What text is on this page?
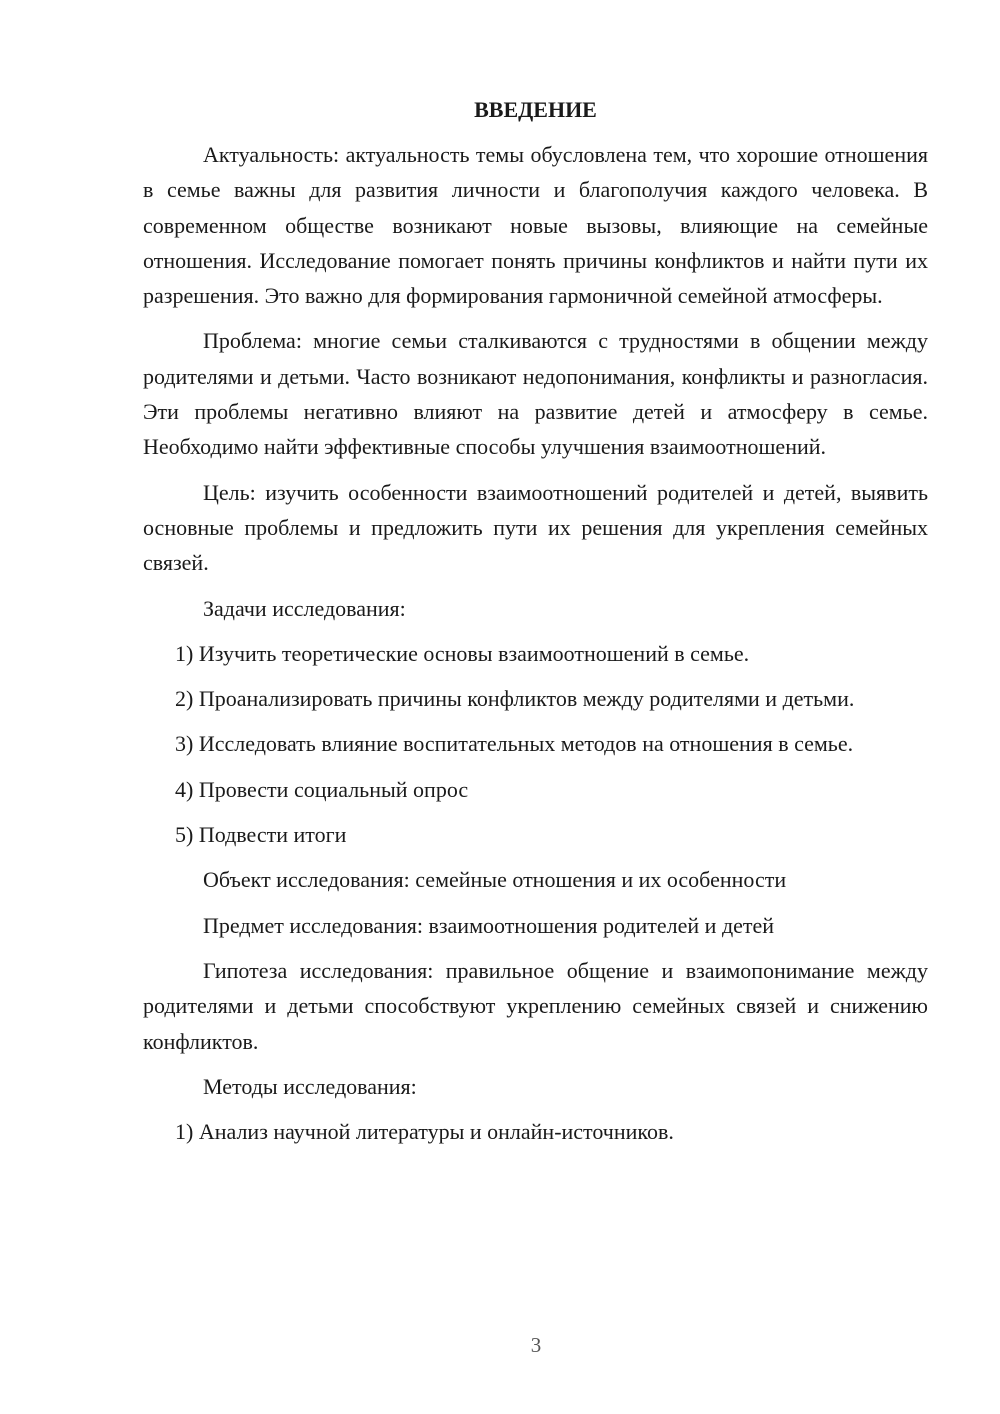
ВВЕДЕНИЕ

Актуальность: актуальность темы обусловлена тем, что хорошие отношения в семье важны для развития личности и благополучия каждого человека. В современном обществе возникают новые вызовы, влияющие на семейные отношения. Исследование помогает понять причины конфликтов и найти пути их разрешения. Это важно для формирования гармоничной семейной атмосферы.

Проблема: многие семьи сталкиваются с трудностями в общении между родителями и детьми. Часто возникают недопонимания, конфликты и разногласия. Эти проблемы негативно влияют на развитие детей и атмосферу в семье. Необходимо найти эффективные способы улучшения взаимоотношений.

Цель: изучить особенности взаимоотношений родителей и детей, выявить основные проблемы и предложить пути их решения для укрепления семейных связей.

Задачи исследования:

1) Изучить теоретические основы взаимоотношений в семье.

2) Проанализировать причины конфликтов между родителями и детьми.

3) Исследовать влияние воспитательных методов на отношения в семье.

4) Провести социальный опрос

5) Подвести итоги

Объект исследования: семейные отношения и их особенности

Предмет исследования: взаимоотношения родителей и детей

Гипотеза исследования: правильное общение и взаимопонимание между родителями и детьми способствуют укреплению семейных связей и снижению конфликтов.

Методы исследования:

1) Анализ научной литературы и онлайн-источников.

3
